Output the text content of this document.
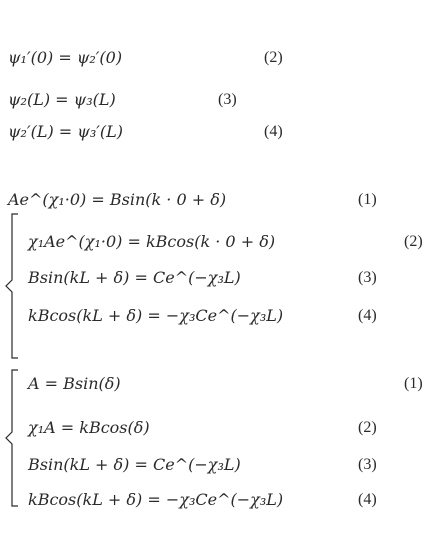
ψ₁′(0) = ψ₂′(0)	(2)
ψ₂(L) = ψ₃(L)	(3)
ψ₂′(L) = ψ₃′(L)	(4)
Ae^(χ₁·0) = Bsin(k · 0 + δ)	(1)
χ₁Ae^(χ₁·0) = kBcos(k · 0 + δ)	(2)
Bsin(kL + δ) = Ce^(−χ₃L)	(3)
kBcos(kL + δ) = −χ₃Ce^(−χ₃L)	(4)
A = Bsin(δ)	(1)
χ₁A = kBcos(δ)	(2)
Bsin(kL + δ) = Ce^(−χ₃L)	(3)
kBcos(kL + δ) = −χ₃Ce^(−χ₃L)	(4)
